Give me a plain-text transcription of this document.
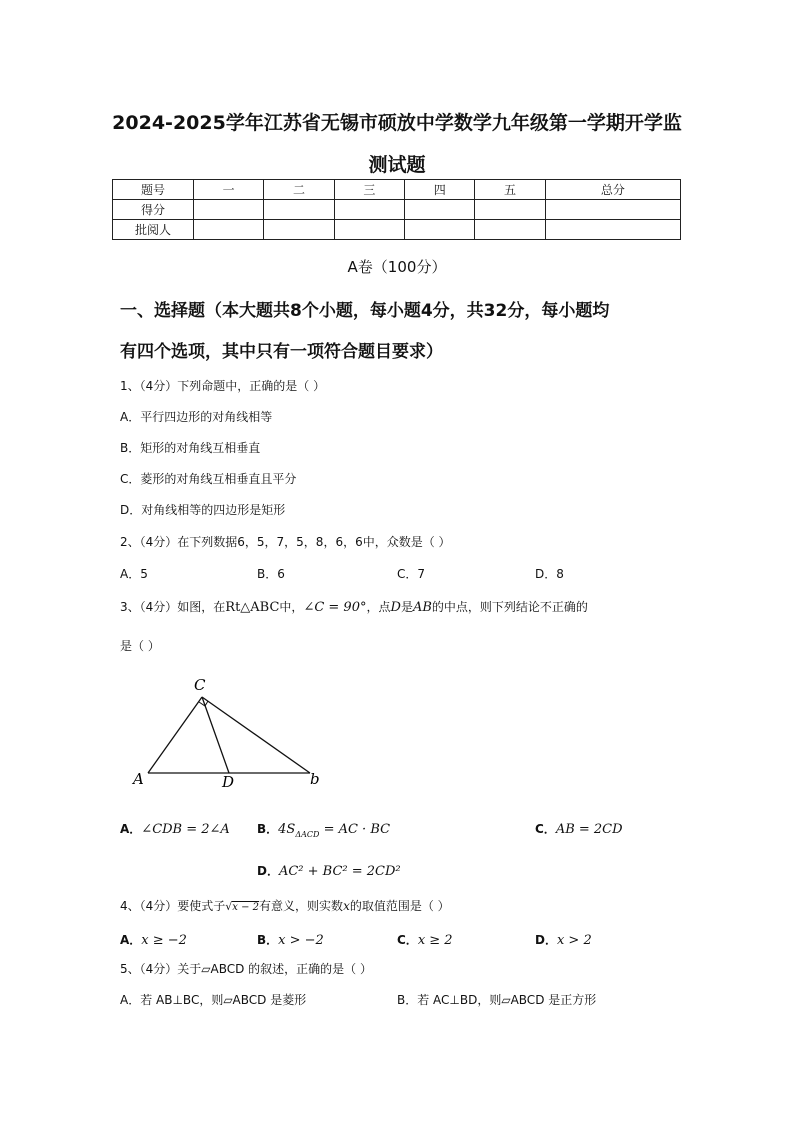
2024-2025学年江苏省无锡市硕放中学数学九年级第一学期开学监
测试题
题号	一	二	三	四	五	总分
得分						
批阅人						
A卷（100分）
一、选择题（本大题共8个小题，每小题4分，共32分，每小题均
有四个选项，其中只有一项符合题目要求）
1、（4分）下列命题中，正确的是（ ）
A．平行四边形的对角线相等
B．矩形的对角线互相垂直
C．菱形的对角线互相垂直且平分
D．对角线相等的四边形是矩形
2、（4分）在下列数据6，5，7，5，8，6，6中，众数是（ ）
A．5	B．6	C．7	D．8
3、（4分）如图，在Rt△ABC中，∠C = 90°，点D是AB的中点，则下列结论不正确的
是（ ）
C
A	D	b
A．∠CDB = 2∠A B．$4S_{\Delta ACD}$ = AC · BC	C．AB = 2CD
D．AC² + BC² = 2CD²
4、（4分）要使式子√x − 2有意义，则实数x的取值范围是（ ）
A．x ≥ −2	B．x > −2	C．x ≥ 2	D．x > 2
5、（4分）关于▱ABCD 的叙述，正确的是（ ）
A．若 AB⊥BC，则▱ABCD 是菱形	B．若 AC⊥BD，则▱ABCD 是正方形
